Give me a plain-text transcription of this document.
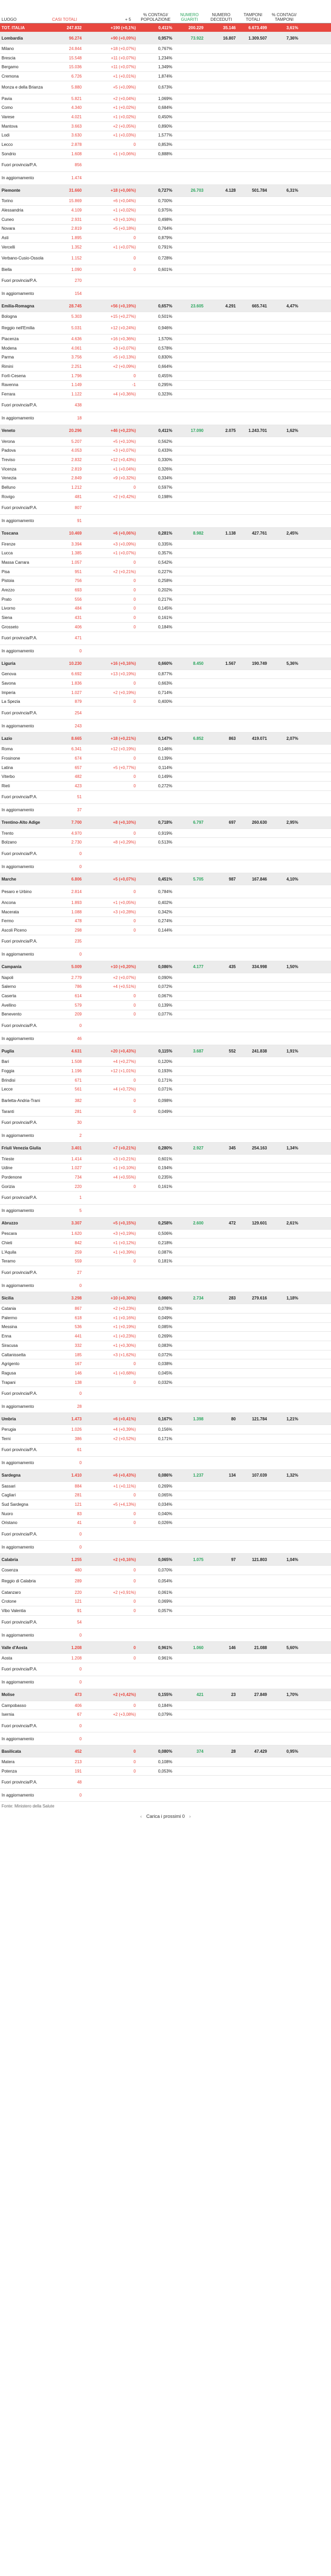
LUOGO	CASI TOTALI		+ 5	% CONTAGI/ POPOLAZIONE	NUMERO GUARITI	NUMERO DECEDUTI	TAMPONI TOTALI	% CONTAGI/ TAMPONI	
TOT. ITALIA	247.832	+190 (+0,1%)		0,411%	200.229	35.146	6.673.499	3,61%	
Lombardia	96.274	+90 (+0,09%)		0,957%	73.922	16.807	1.309.507	7,36%	
Milano	24.844	+18 (+0,07%)		0,767%					
Brescia	15.548	+11 (+0,07%)		1,234%					
Bergamo	15.036	+11 (+0,07%)		1,349%					
Cremona	6.726	+1 (+0,01%)		1,874%					
Monza e della Brianza	5.880	+5 (+0,09%)		0,673%					
Pavia	5.821	+2 (+0,04%)		1,069%					
Como	4.340	+1 (+0,02%)		0,684%					
Varese	4.021	+1 (+0,02%)		0,450%					
Mantova	3.663	+2 (+0,05%)		0,890%					
Lodi	3.630	+1 (+0,03%)		1,577%					
Lecco	2.878	0		0,853%					
Sondrio	1.608	+1 (+0,06%)		0,888%					
Fuori provincia/P.A.	856								
In aggiornamento	1.474								
Piemonte	31.660	+18 (+0,06%)		0,727%	26.703	4.128	501.784	6,31%	
Torino	15.869	+6 (+0,04%)		0,700%					
Alessandria	4.109	+1 (+0,02%)		0,975%					
Cuneo	2.931	+3 (+0,10%)		0,498%					
Novara	2.819	+5 (+0,18%)		0,764%					
Asti	1.895	0		0,879%					
Vercelli	1.352	+1 (+0,07%)		0,791%					
Verbano-Cusio-Ossola	1.152	0		0,728%					
Biella	1.090	0		0,601%					
Fuori provincia/P.A.	270								
In aggiornamento	154								
Emilia-Romagna	28.745	+56 (+0,19%)		0,657%	23.605	4.291	665.741	4,47%	
Bologna	5.303	+15 (+0,27%)		0,501%					
Reggio nell'Emilia	5.031	+12 (+0,24%)		0,946%					
Piacenza	4.636	+16 (+0,36%)		1,570%					
Modena	4.061	+3 (+0,07%)		0,578%					
Parma	3.756	+5 (+0,13%)		0,830%					
Rimini	2.251	+2 (+0,09%)		0,664%					
Forlì-Cesena	1.796	0		0,455%					
Ravenna	1.149	-1		0,295%					
Ferrara	1.122	+4 (+0,36%)		0,323%					
Fuori provincia/P.A.	438								
In aggiornamento	18								
Veneto	20.296	+46 (+0,23%)		0,411%	17.090	2.075	1.243.701	1,62%	
Verona	5.207	+5 (+0,10%)		0,562%					
Padova	4.053	+3 (+0,07%)		0,433%					
Treviso	2.832	+12 (+0,43%)		0,330%					
Vicenza	2.819	+1 (+0,04%)		0,326%					
Venezia	2.849	+9 (+0,32%)		0,334%					
Belluno	1.212	0		0,597%					
Rovigo	481	+2 (+0,42%)		0,198%					
Fuori provincia/P.A.	807								
In aggiornamento	91								
Toscana	10.469	+6 (+0,06%)		0,281%	8.982	1.138	427.761	2,45%	
Firenze	3.394	+3 (+0,09%)		0,335%					
Lucca	1.385	+1 (+0,07%)		0,357%					
Massa Carrara	1.057	0		0,542%					
Pisa	951	+2 (+0,21%)		0,227%					
Pistoia	756	0		0,258%					
Arezzo	693	0		0,202%					
Prato	556	0		0,217%					
Livorno	484	0		0,145%					
Siena	431	0		0,161%					
Grosseto	406	0		0,184%					
Fuori provincia/P.A.	471								
In aggiornamento	0								
Liguria	10.230	+16 (+0,16%)		0,660%	8.450	1.567	190.749	5,36%	
Genova	6.692	+13 (+0,19%)		0,877%					
Savona	1.836	0		0,663%					
Imperia	1.027	+2 (+0,19%)		0,714%					
La Spezia	879	0		0,400%					
Fuori provincia/P.A.	254								
In aggiornamento	243								
Lazio	8.665	+18 (+0,21%)		0,147%	6.852	863	419.071	2,07%	
Roma	6.341	+12 (+0,19%)		0,146%					
Frosinone	674	0		0,139%					
Latina	657	+5 (+0,77%)		0,114%					
Viterbo	482	0		0,149%					
Rieti	423	0		0,272%					
Fuori provincia/P.A.	51								
In aggiornamento	37								
Trentino-Alto Adige	7.700	+8 (+0,10%)		0,718%	6.797	697	260.630	2,95%	
Trento	4.970	0		0,919%					
Bolzano	2.730	+8 (+0,29%)		0,513%					
Fuori provincia/P.A.	0								
In aggiornamento	0								
Marche	6.806	+5 (+0,07%)		0,451%	5.705	987	167.846	4,10%	
Pesaro e Urbino	2.814	0		0,784%					
Ancona	1.893	+1 (+0,05%)		0,402%					
Macerata	1.088	+3 (+0,28%)		0,342%					
Fermo	478	0		0,274%					
Ascoli Piceno	298	0		0,144%					
Fuori provincia/P.A.	235								
In aggiornamento	0								
Campania	5.009	+10 (+0,20%)		0,086%	4.177	435	334.998	1,50%	
Napoli	2.779	+2 (+0,07%)		0,090%					
Salerno	786	+4 (+0,51%)		0,072%					
Caserta	614	0		0,067%					
Avellino	579	0		0,139%					
Benevento	209	0		0,077%					
Fuori provincia/P.A.	0								
In aggiornamento	46								
Puglia	4.631	+20 (+0,43%)		0,115%	3.687	552	241.838	1,91%	
Bari	1.508	+4 (+0,27%)		0,120%					
Foggia	1.196	+12 (+1,01%)		0,193%					
Brindisi	671	0		0,171%					
Lecce	561	+4 (+0,72%)		0,071%					
Barletta-Andria-Trani	382	0		0,098%					
Taranti	281	0		0,049%					
Fuori provincia/P.A.	30								
In aggiornamento	2								
Friuli Venezia Giulia	3.401	+7 (+0,21%)		0,280%	2.927	345	254.163	1,34%	
Trieste	1.414	+3 (+0,21%)		0,601%					
Udine	1.027	+1 (+0,10%)		0,194%					
Pordenone	734	+4 (+0,55%)		0,235%					
Gorizia	220	0		0,161%					
Fuori provincia/P.A.	1								
In aggiornamento	5								
Abruzzo	3.307	+5 (+0,15%)		0,258%	2.600	472	129.601	2,61%	
Pescara	1.620	+3 (+0,19%)		0,506%					
Chieti	842	+1 (+0,12%)		0,218%					
L'Aquila	259	+1 (+0,39%)		0,087%					
Teramo	559	0		0,181%					
Fuori provincia/P.A.	27								
In aggiornamento	0								
Sicilia	3.298	+10 (+0,30%)		0,066%	2.734	283	279.616	1,18%	
Catania	867	+2 (+0,23%)		0,078%					
Palermo	618	+1 (+0,16%)		0,049%					
Messina	536	+1 (+0,19%)		0,085%					
Enna	441	+1 (+0,23%)		0,269%					
Siracusa	332	+1 (+0,30%)		0,083%					
Caltanissetta	185	+3 (+1,62%)		0,072%					
Agrigento	167	0		0,038%					
Ragusa	146	+1 (+0,68%)		0,045%					
Trapani	138	0		0,032%					
Fuori provincia/P.A.	0								
In aggiornamento	28								
Umbria	1.473	+6 (+0,41%)		0,167%	1.398	80	121.784	1,21%	
Perugia	1.026	+4 (+0,39%)		0,156%					
Terni	386	+2 (+0,52%)		0,171%					
Fuori provincia/P.A.	61								
In aggiornamento	0								
Sardegna	1.410	+6 (+0,43%)		0,086%	1.237	134	107.039	1,32%	
Sassari	884	+1 (+0,11%)		0,269%					
Cagliari	281	0		0,065%					
Sud Sardegna	121	+5 (+4,13%)		0,034%					
Nuoro	83	0		0,040%					
Oristano	41	0		0,026%					
Fuori provincia/P.A.	0								
In aggiornamento	0								
Calabria	1.255	+2 (+0,16%)		0,065%	1.075	97	121.803	1,04%	
Cosenza	480	0		0,070%					
Reggio di Calabria	289	0		0,054%					
Catanzaro	220	+2 (+0,91%)		0,061%					
Crotone	121	0		0,069%					
Vibo Valentia	91	0		0,057%					
Fuori provincia/P.A.	54								
In aggiornamento	0								
Valle d'Aosta	1.208	0		0,961%	1.060	146	21.088	5,60%	
Aosta	1.208	0		0,961%					
Fuori provincia/P.A.	0								
In aggiornamento	0								
Molise	473	+2 (+0,42%)		0,155%	421	23	27.849	1,70%	
Campobasso	406	0		0,184%					
Isernia	67	+2 (+3,08%)		0,079%					
Fuori provincia/P.A.	0								
In aggiornamento	0								
Basilicata	452	0		0,080%	374	28	47.429	0,95%	
Matera	213	0		0,108%					
Potenza	191	0		0,053%					
Fuori provincia/P.A.	48								
In aggiornamento	0								
Fonte: Ministero della Salute
‹ Carica i prossimi 0 ›
